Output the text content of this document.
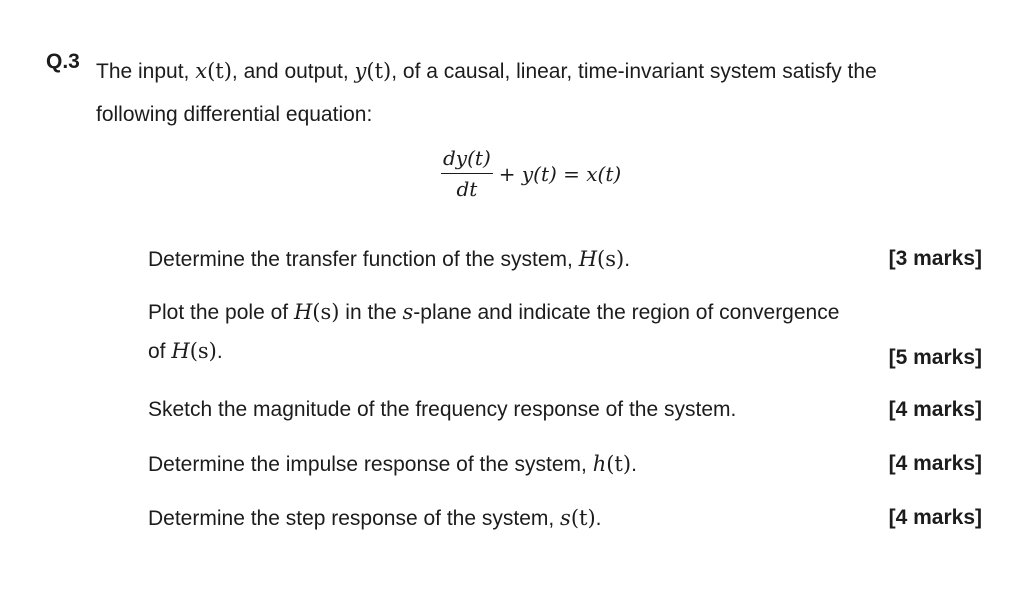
Q.3 The input, x(t), and output, y(t), of a causal, linear, time-invariant system satisfy the
following differential equation:
$\frac{dy(t)}{dt} + y(t) = x(t)$
Determine the transfer function of the system, H(s).	[3 marks]
Plot the pole of H(s) in the s-plane and indicate the region of convergence
of H(s).	[5 marks]
Sketch the magnitude of the frequency response of the system.	[4 marks]
Determine the impulse response of the system, h(t).	[4 marks]
Determine the step response of the system, s(t).	[4 marks]
